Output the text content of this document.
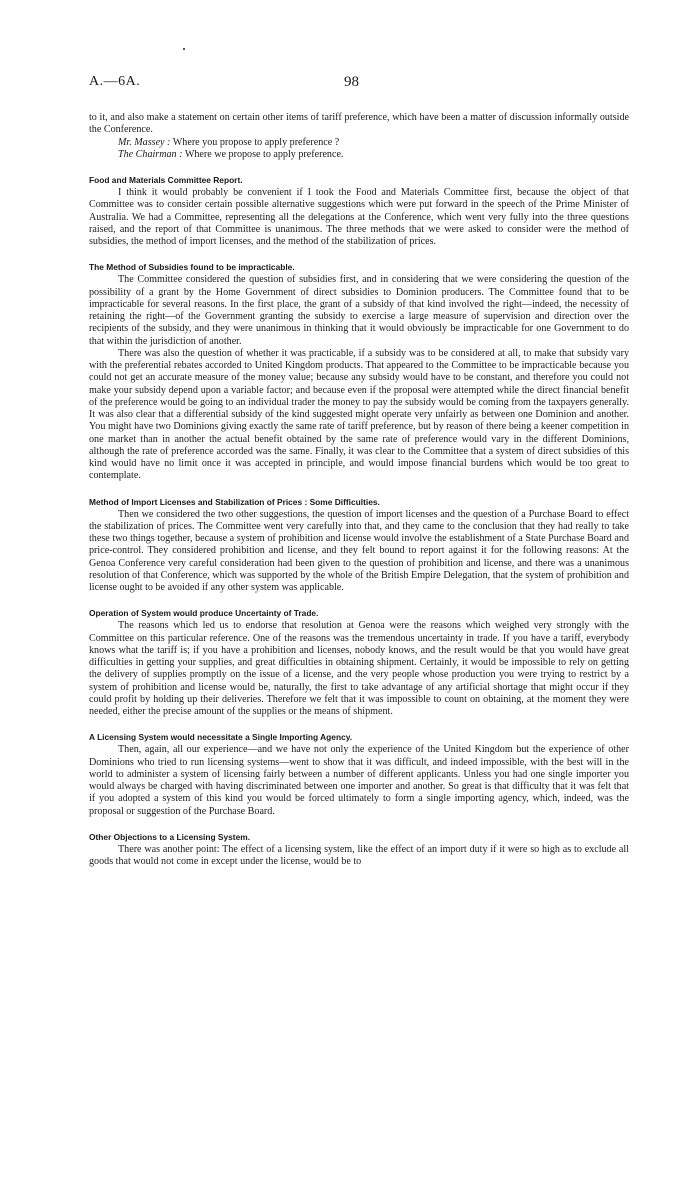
A.—6A.	98

to it, and also make a statement on certain other items of tariff preference, which have been a matter of discussion informally outside the Conference.

Mr. Massey : Where you propose to apply preference ?

The Chairman : Where we propose to apply preference.

Food and Materials Committee Report.

I think it would probably be convenient if I took the Food and Materials Committee first, because the object of that Committee was to consider certain possible alternative suggestions which were put forward in the speech of the Prime Minister of Australia. We had a Committee, representing all the delegations at the Conference, which went very fully into the three questions raised, and the report of that Committee is unanimous. The three methods that we were asked to consider were the method of subsidies, the method of import licenses, and the method of the stabilization of prices.

The Method of Subsidies found to be impracticable.

The Committee considered the question of subsidies first, and in considering that we were considering the question of the possibility of a grant by the Home Government of direct subsidies to Dominion producers. The Committee found that to be impracticable for several reasons. In the first place, the grant of a subsidy of that kind involved the right—indeed, the necessity of retaining the right—of the Government granting the subsidy to exercise a large measure of supervision and direction over the recipients of the subsidy, and they were unanimous in thinking that it would obviously be impracticable for one Government to do that within the jurisdiction of another.

There was also the question of whether it was practicable, if a subsidy was to be considered at all, to make that subsidy vary with the preferential rebates accorded to United Kingdom products. That appeared to the Committee to be impracticable because you could not get an accurate measure of the money value; because any subsidy would have to be constant, and therefore you could not make your subsidy depend upon a variable factor; and because even if the proposal were attempted while the direct financial benefit of the preference would be going to an individual trader the money to pay the subsidy would be coming from the taxpayers generally. It was also clear that a differential subsidy of the kind suggested might operate very unfairly as between one Dominion and another. You might have two Dominions giving exactly the same rate of tariff preference, but by reason of there being a keener competition in one market than in another the actual benefit obtained by the same rate of preference would vary in the different Dominions, although the rate of preference accorded was the same. Finally, it was clear to the Committee that a system of direct subsidies of this kind would have no limit once it was accepted in principle, and would impose financial burdens which would be too great to contemplate.

Method of Import Licenses and Stabilization of Prices : Some Difficulties.

Then we considered the two other suggestions, the question of import licenses and the question of a Purchase Board to effect the stabilization of prices. The Committee went very carefully into that, and they came to the conclusion that they had really to take these two things together, because a system of prohibition and license would involve the establishment of a State Purchase Board and price-control. They considered prohibition and license, and they felt bound to report against it for the following reasons: At the Genoa Conference very careful consideration had been given to the question of prohibition and license, and there was a unanimous resolution of that Conference, which was supported by the whole of the British Empire Delegation, that the system of prohibition and license ought to be avoided if any other system was applicable.

Operation of System would produce Uncertainty of Trade.

The reasons which led us to endorse that resolution at Genoa were the reasons which weighed very strongly with the Committee on this particular reference. One of the reasons was the tremendous uncertainty in trade. If you have a tariff, everybody knows what the tariff is; if you have a prohibition and licenses, nobody knows, and the result would be that you would have great difficulties in getting your supplies, and great difficulties in obtaining shipment. Certainly, it would be impossible to rely on getting the delivery of supplies promptly on the issue of a license, and the very people whose production you were trying to restrict by a system of prohibition and license would be, naturally, the first to take advantage of any artificial shortage that might occur if they could profit by holding up their deliveries. Therefore we felt that it was impossible to count on obtaining, at the moment they were needed, either the precise amount of the supplies or the means of shipment.

A Licensing System would necessitate a Single Importing Agency.

Then, again, all our experience—and we have not only the experience of the United Kingdom but the experience of other Dominions who tried to run licensing systems—went to show that it was difficult, and indeed impossible, with the best will in the world to administer a system of licensing fairly between a number of different applicants. Unless you had one single importer you would always be charged with having discriminated between one importer and another. So great is that difficulty that it was felt that if you adopted a system of this kind you would be forced ultimately to form a single importing agency, which, indeed, was the proposal or suggestion of the Purchase Board.

Other Objections to a Licensing System.

There was another point: The effect of a licensing system, like the effect of an import duty if it were so high as to exclude all goods that would not come in except under the license, would be to
